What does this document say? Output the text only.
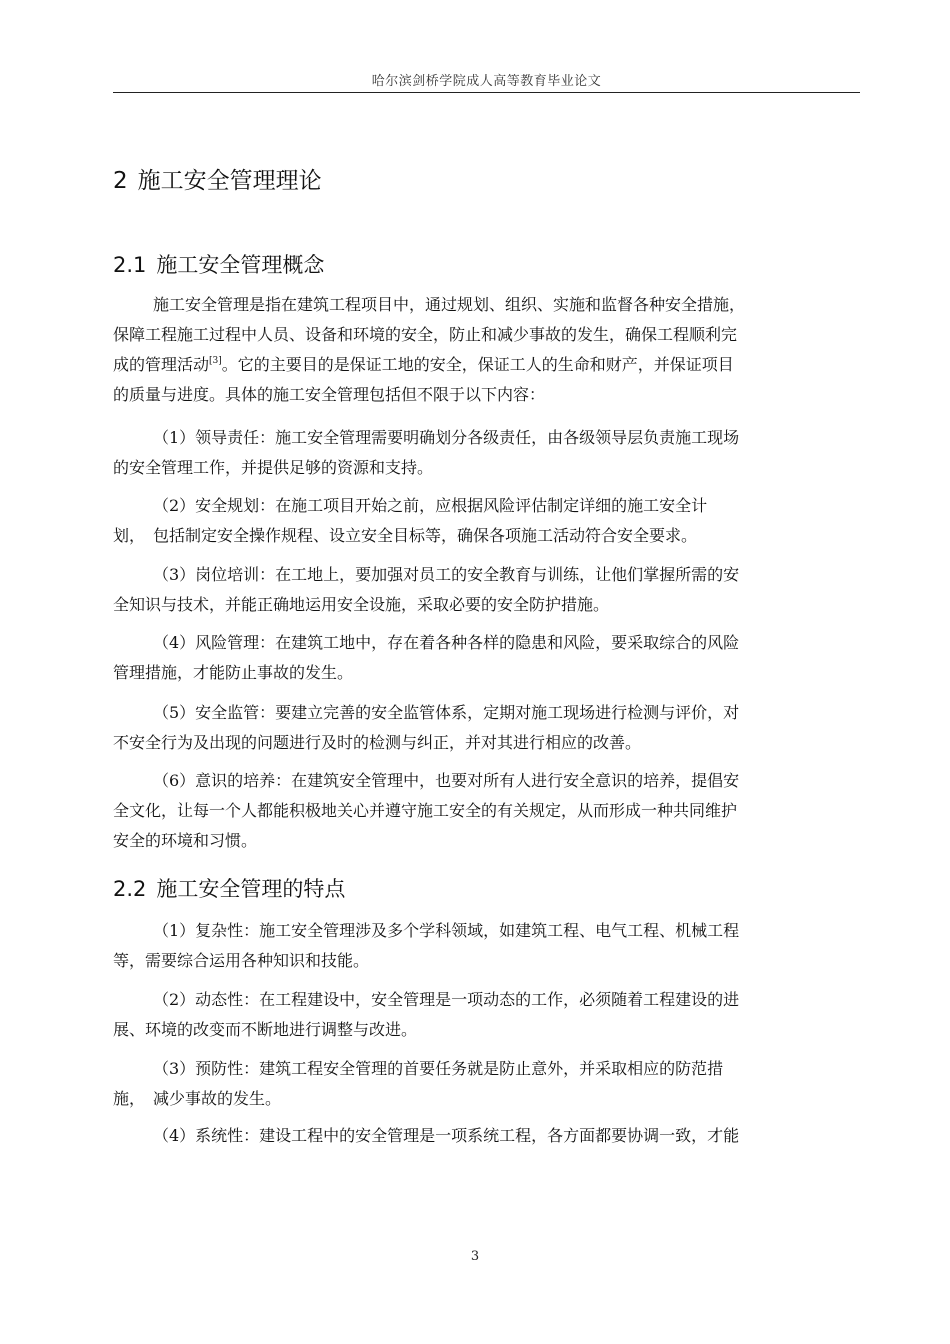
哈尔滨剑桥学院成人高等教育毕业论文
2 施工安全管理理论
2.1 施工安全管理概念
施工安全管理是指在建筑工程项目中，通过规划、组织、实施和监督各种安全措施，
保障工程施工过程中人员、设备和环境的安全，防止和减少事故的发生，确保工程顺利完
成的管理活动[3]。它的主要目的是保证工地的安全，保证工人的生命和财产，并保证项目
的质量与进度。具体的施工安全管理包括但不限于以下内容：
（1）领导责任：施工安全管理需要明确划分各级责任，由各级领导层负责施工现场
的安全管理工作，并提供足够的资源和支持。
（2）安全规划：在施工项目开始之前，应根据风险评估制定详细的施工安全计
划，　包括制定安全操作规程、设立安全目标等，确保各项施工活动符合安全要求。
（3）岗位培训：在工地上，要加强对员工的安全教育与训练，让他们掌握所需的安
全知识与技术，并能正确地运用安全设施，采取必要的安全防护措施。
（4）风险管理：在建筑工地中，存在着各种各样的隐患和风险，要采取综合的风险
管理措施，才能防止事故的发生。
（5）安全监管：要建立完善的安全监管体系，定期对施工现场进行检测与评价，对
不安全行为及出现的问题进行及时的检测与纠正，并对其进行相应的改善。
（6）意识的培养：在建筑安全管理中，也要对所有人进行安全意识的培养，提倡安
全文化，让每一个人都能积极地关心并遵守施工安全的有关规定，从而形成一种共同维护
安全的环境和习惯。
2.2 施工安全管理的特点
（1）复杂性：施工安全管理涉及多个学科领域，如建筑工程、电气工程、机械工程
等，需要综合运用各种知识和技能。
（2）动态性：在工程建设中，安全管理是一项动态的工作，必须随着工程建设的进
展、环境的改变而不断地进行调整与改进。
（3）预防性：建筑工程安全管理的首要任务就是防止意外，并采取相应的防范措
施，　减少事故的发生。
（4）系统性：建设工程中的安全管理是一项系统工程，各方面都要协调一致，才能
3
